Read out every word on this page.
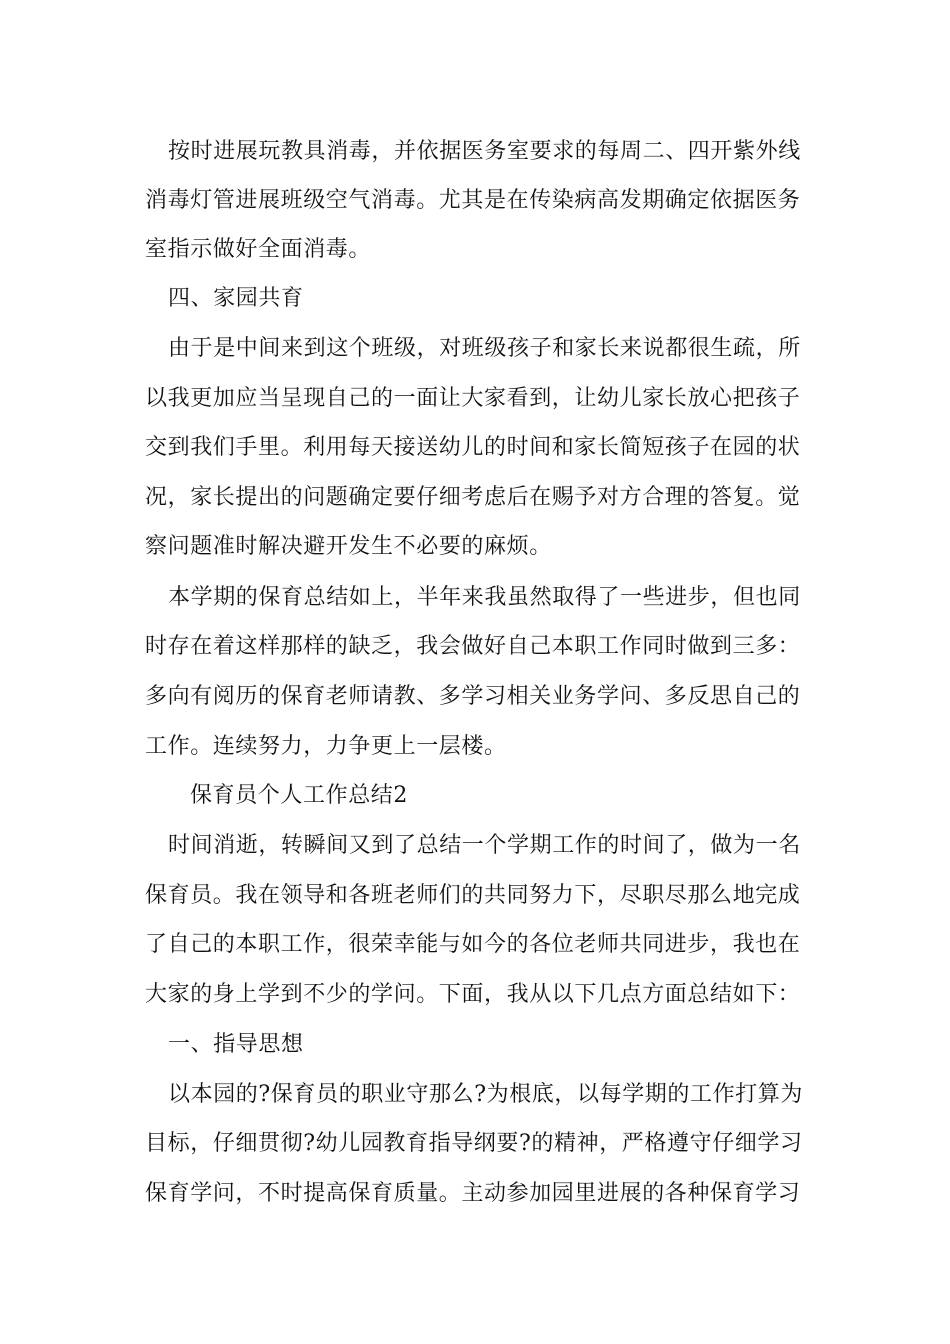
按时进展玩教具消毒，并依据医务室要求的每周二、四开紫外线
消毒灯管进展班级空气消毒。尤其是在传染病高发期确定依据医务
室指示做好全面消毒。
四、家园共育
由于是中间来到这个班级，对班级孩子和家长来说都很生疏，所
以我更加应当呈现自己的一面让大家看到，让幼儿家长放心把孩子
交到我们手里。利用每天接送幼儿的时间和家长简短孩子在园的状
况，家长提出的问题确定要仔细考虑后在赐予对方合理的答复。觉
察问题准时解决避开发生不必要的麻烦。
本学期的保育总结如上，半年来我虽然取得了一些进步，但也同
时存在着这样那样的缺乏，我会做好自己本职工作同时做到三多：
多向有阅历的保育老师请教、多学习相关业务学问、多反思自己的
工作。连续努力，力争更上一层楼。
保育员个人工作总结2
时间消逝，转瞬间又到了总结一个学期工作的时间了，做为一名
保育员。我在领导和各班老师们的共同努力下，尽职尽那么地完成
了自己的本职工作，很荣幸能与如今的各位老师共同进步，我也在
大家的身上学到不少的学问。下面，我从以下几点方面总结如下：
一、指导思想
以本园的?保育员的职业守那么?为根底，以每学期的工作打算为
目标，仔细贯彻?幼儿园教育指导纲要?的精神，严格遵守仔细学习
保育学问，不时提高保育质量。主动参加园里进展的各种保育学习
